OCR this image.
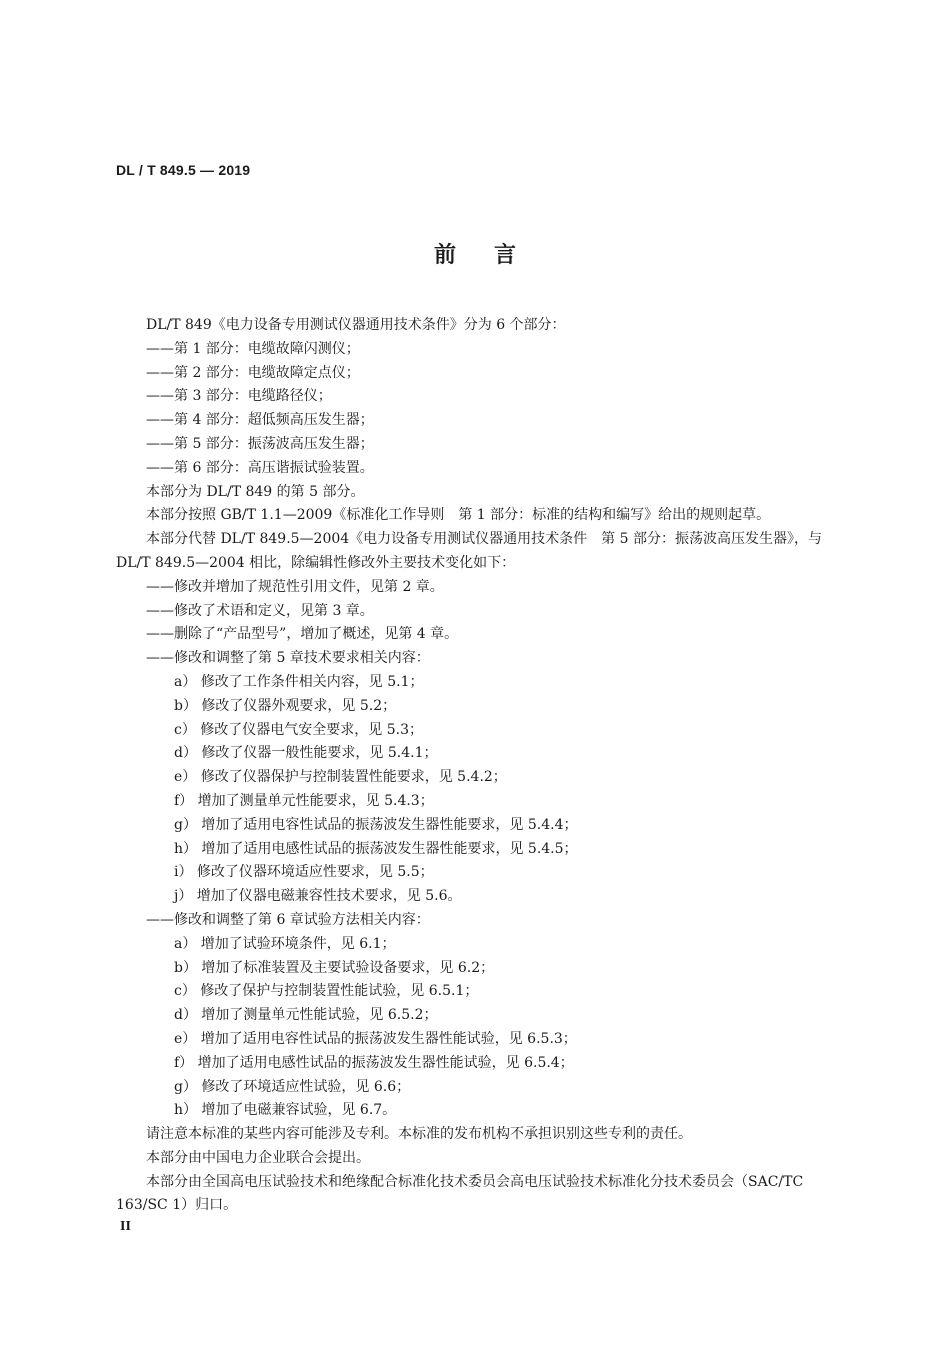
DL / T 849.5 — 2019
前言
DL/T 849《电力设备专用测试仪器通用技术条件》分为 6 个部分：
——第 1 部分：电缆故障闪测仪；
——第 2 部分：电缆故障定点仪；
——第 3 部分：电缆路径仪；
——第 4 部分：超低频高压发生器；
——第 5 部分：振荡波高压发生器；
——第 6 部分：高压谐振试验装置。
本部分为 DL/T 849 的第 5 部分。
本部分按照 GB/T 1.1—2009《标准化工作导则　第 1 部分：标准的结构和编写》给出的规则起草。
本部分代替 DL/T 849.5—2004《电力设备专用测试仪器通用技术条件　第 5 部分：振荡波高压发生器》，与 DL/T 849.5—2004 相比，除编辑性修改外主要技术变化如下：
——修改并增加了规范性引用文件，见第 2 章。
——修改了术语和定义，见第 3 章。
——删除了“产品型号”，增加了概述，见第 4 章。
——修改和调整了第 5 章技术要求相关内容：
a） 修改了工作条件相关内容，见 5.1；
b） 修改了仪器外观要求，见 5.2；
c） 修改了仪器电气安全要求，见 5.3；
d） 修改了仪器一般性能要求，见 5.4.1；
e） 修改了仪器保护与控制装置性能要求，见 5.4.2；
f） 增加了测量单元性能要求，见 5.4.3；
g） 增加了适用电容性试品的振荡波发生器性能要求，见 5.4.4；
h） 增加了适用电感性试品的振荡波发生器性能要求，见 5.4.5；
i） 修改了仪器环境适应性要求，见 5.5；
j） 增加了仪器电磁兼容性技术要求，见 5.6。
——修改和调整了第 6 章试验方法相关内容：
a） 增加了试验环境条件，见 6.1；
b） 增加了标准装置及主要试验设备要求，见 6.2；
c） 修改了保护与控制装置性能试验，见 6.5.1；
d） 增加了测量单元性能试验，见 6.5.2；
e） 增加了适用电容性试品的振荡波发生器性能试验，见 6.5.3；
f） 增加了适用电感性试品的振荡波发生器性能试验，见 6.5.4；
g） 修改了环境适应性试验，见 6.6；
h） 增加了电磁兼容试验，见 6.7。
请注意本标准的某些内容可能涉及专利。本标准的发布机构不承担识别这些专利的责任。
本部分由中国电力企业联合会提出。
本部分由全国高电压试验技术和绝缘配合标准化技术委员会高电压试验技术标准化分技术委员会（SAC/TC 163/SC 1）归口。
II
